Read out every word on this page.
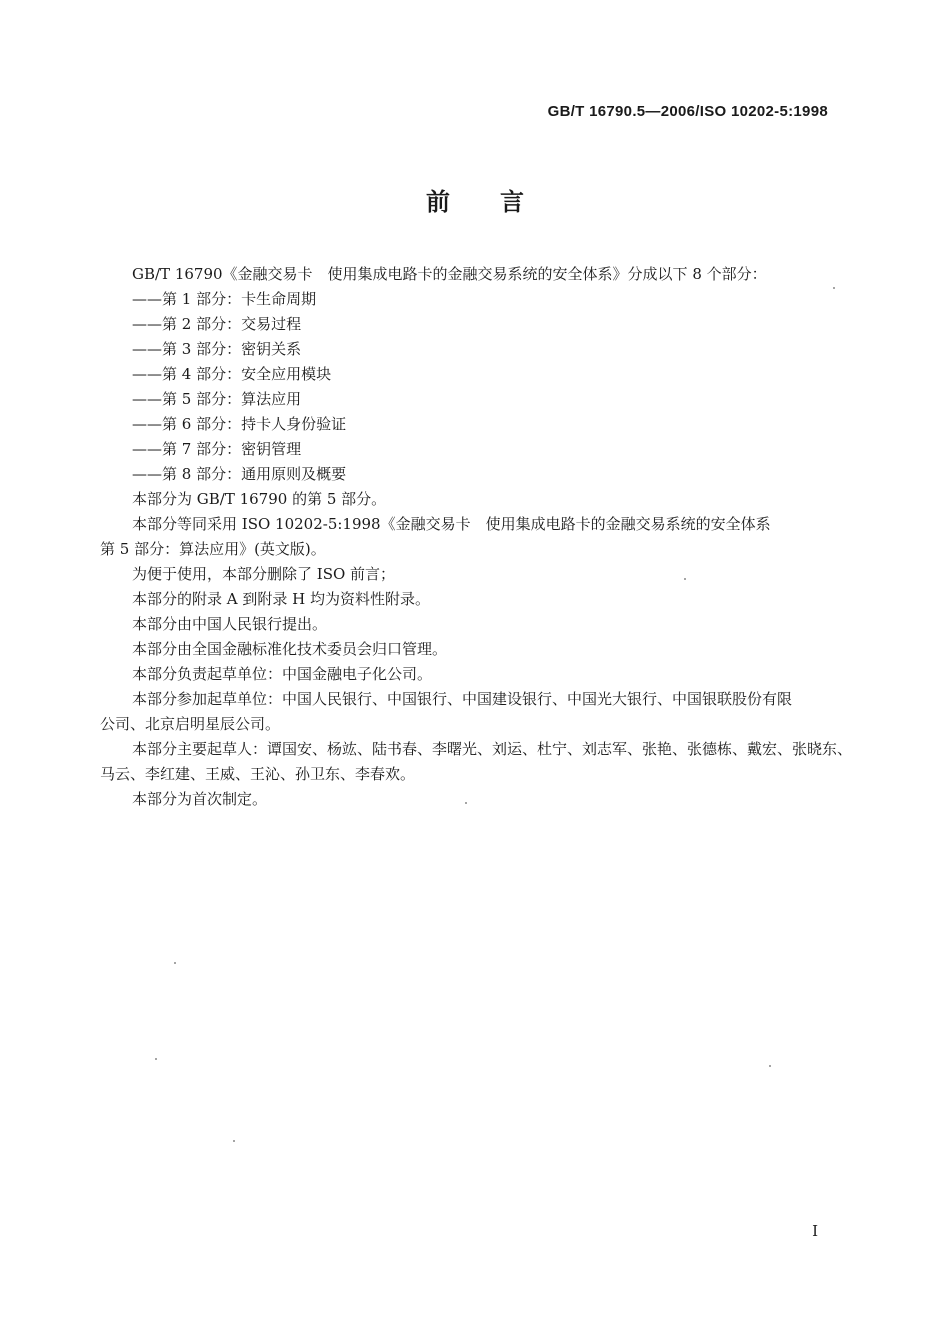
GB/T 16790.5—2006/ISO 10202-5:1998
前 言

GB/T 16790《金融交易卡　使用集成电路卡的金融交易系统的安全体系》分成以下 8 个部分：

——第 1 部分：卡生命周期

——第 2 部分：交易过程

——第 3 部分：密钥关系

——第 4 部分：安全应用模块

——第 5 部分：算法应用

——第 6 部分：持卡人身份验证

——第 7 部分：密钥管理

——第 8 部分：通用原则及概要

本部分为 GB/T 16790 的第 5 部分。

本部分等同采用 ISO 10202-5:1998《金融交易卡　使用集成电路卡的金融交易系统的安全体系

第 5 部分：算法应用》(英文版)。

为便于使用，本部分删除了 ISO 前言；

本部分的附录 A 到附录 H 均为资料性附录。

本部分由中国人民银行提出。

本部分由全国金融标准化技术委员会归口管理。

本部分负责起草单位：中国金融电子化公司。

本部分参加起草单位：中国人民银行、中国银行、中国建设银行、中国光大银行、中国银联股份有限

公司、北京启明星辰公司。

本部分主要起草人：谭国安、杨竑、陆书春、李曙光、刘运、杜宁、刘志军、张艳、张德栋、戴宏、张晓东、

马云、李红建、王威、王沁、孙卫东、李春欢。

本部分为首次制定。

I
